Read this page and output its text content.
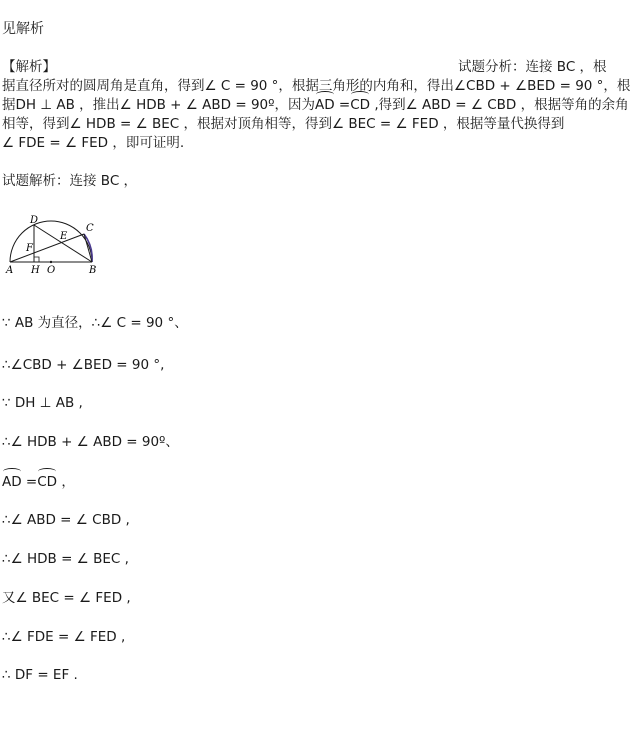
见解析
【解析】	试题分析：连接 BC ，根
据直径所对的圆周角是直角，得到∠ C = 90 °，根据三角形的内角和，得出∠CBD + ∠BED = 90 °，根
据DH ⊥ AB ，推出∠ HDB + ∠ ABD = 90º，因为
AD =
CD ,得到∠ ABD = ∠ CBD ，根据等角的余角
相等，得到∠ HDB = ∠ BEC ，根据对顶角相等，得到∠ BEC = ∠ FED ，根据等量代换得到
∠ FDE = ∠ FED ，即可证明.
试题解析：连接 BC ，
D
C
E
F
A H O	B
∵ AB 为直径，∴∠ C = 90 °、
∴∠CBD + ∠BED = 90 °,
∵ DH ⊥ AB ,
∴∠ HDB + ∠ ABD = 90º、
AD =
CD ，
∴∠ ABD = ∠ CBD ,
∴∠ HDB = ∠ BEC ,
又∠ BEC = ∠ FED ,
∴∠ FDE = ∠ FED ,
∴ DF = EF .
